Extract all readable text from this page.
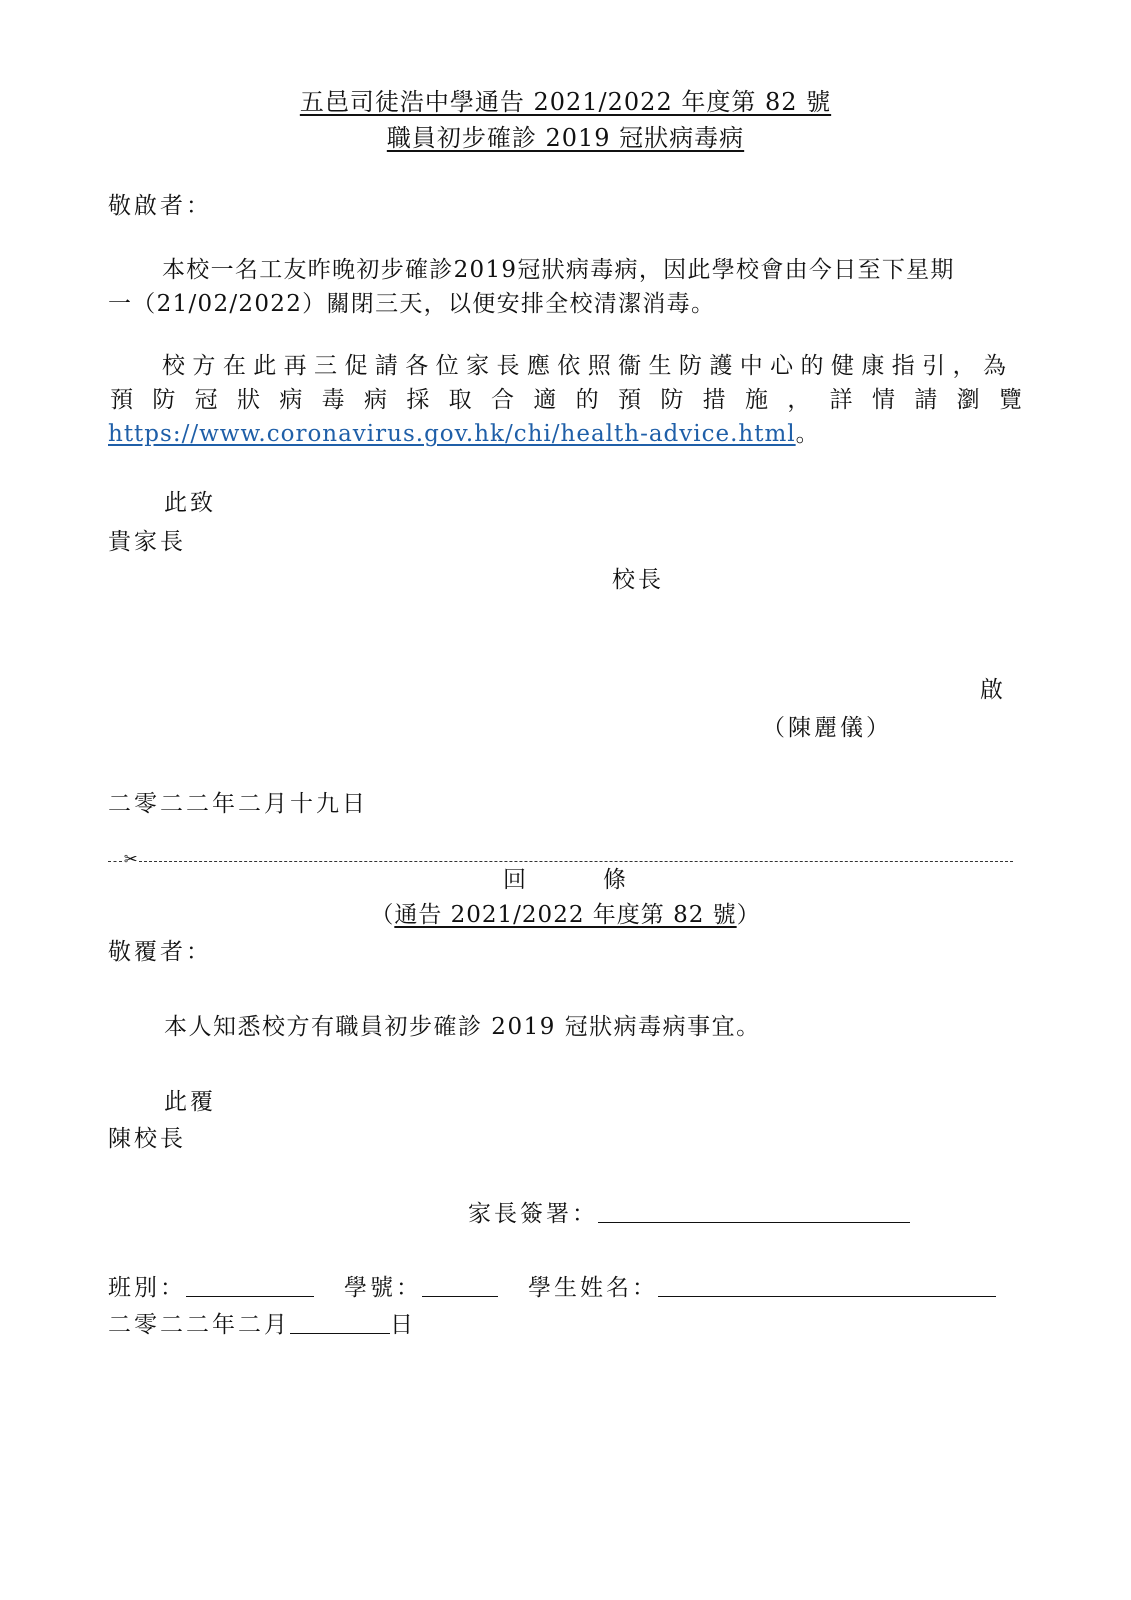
五邑司徒浩中學通告 2021/2022 年度第 82 號
職員初步確診 2019 冠狀病毒病
敬啟者：
本校一名工友昨晚初步確診2019冠狀病毒病，因此學校會由今日至下星期
一（21/02/2022）關閉三天，以便安排全校清潔消毒。
校方在此再三促請各位家長應依照衞生防護中心的健康指引，為
預防冠狀病毒病採取合適的預防措施，詳情請瀏覽
https://www.coronavirus.gov.hk/chi/health-advice.html。
此致
貴家長
校長
啟
（陳麗儀）
二零二二年二月十九日
✂
回　　　條
（通告 2021/2022 年度第 82 號）
敬覆者：
本人知悉校方有職員初步確診 2019 冠狀病毒病事宜。
此覆
陳校長
家長簽署：
班別：	學號：	學生姓名：
二零二二年二月	日
